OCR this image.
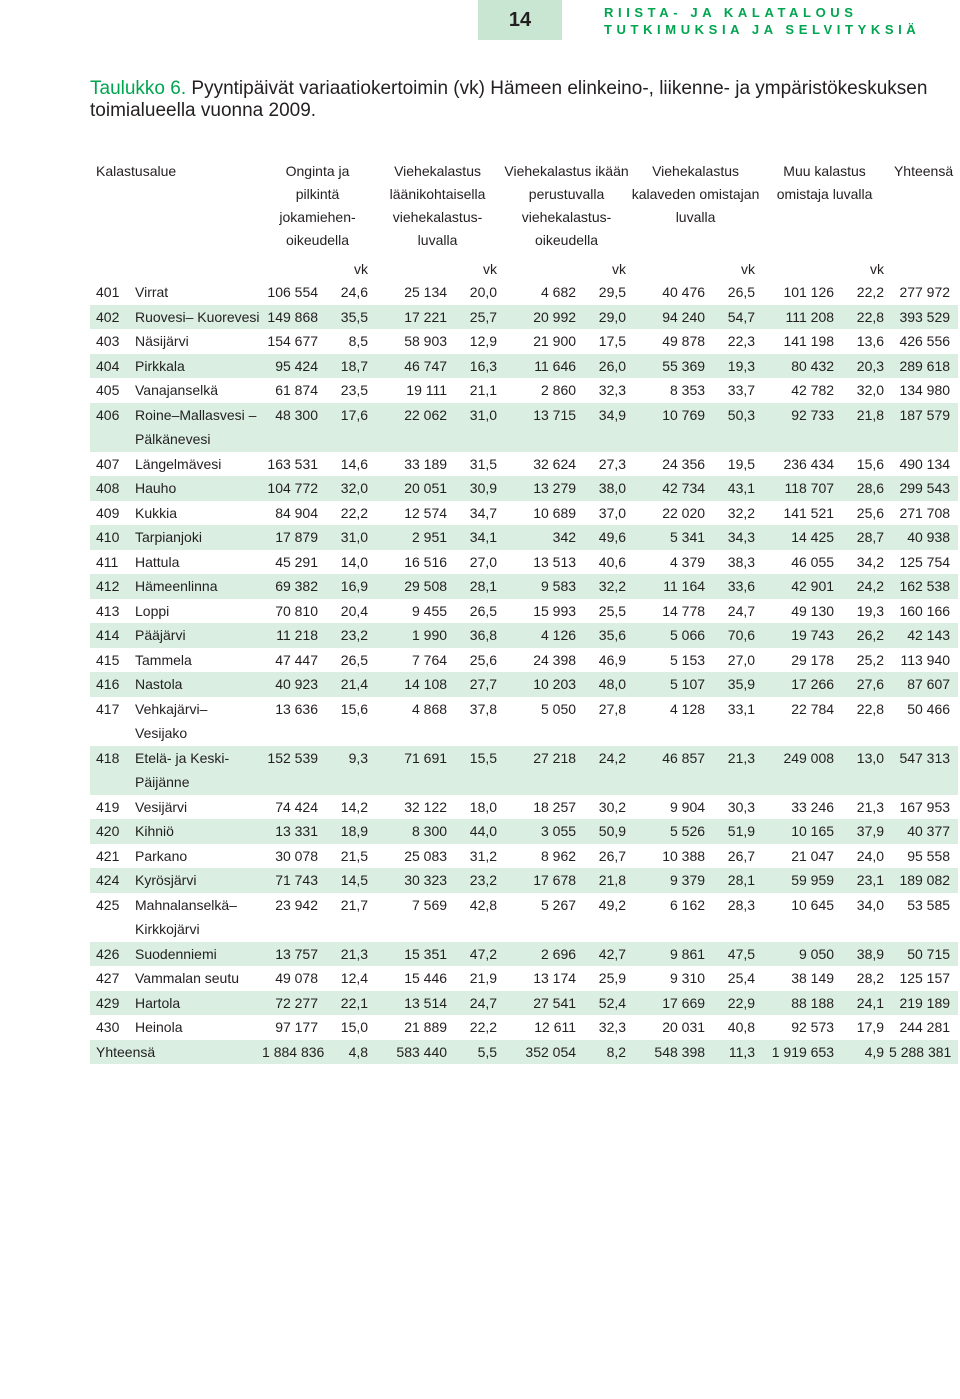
14	RIISTA- JA KALATALOUS
TUTKIMUKSIA JA SELVITYKSIÄ
Taulukko 6. Pyyntipäivät variaatiokertoimin (vk) Hämeen elinkeino-, liikenne- ja ympäristökeskuksen toimialueella vuonna 2009.
Kalastusalue		Onginta ja pilkintä jokamiehen- oikeudella		Viehekalastus läänikohtaisella viehekalastus- luvalla		Viehekalastus ikään perustuvalla viehekalastus- oikeudella		Viehekalastus kalaveden omistajan luvalla		Muu kalastus omistaja luvalla		Yhteensä
			vk		vk		vk		vk		vk	
401	Virrat	106 554	24,6	25 134	20,0	4 682	29,5	40 476	26,5	101 126	22,2	277 972
402	Ruovesi– Kuorevesi	149 868	35,5	17 221	25,7	20 992	29,0	94 240	54,7	111 208	22,8	393 529
403	Näsijärvi	154 677	8,5	58 903	12,9	21 900	17,5	49 878	22,3	141 198	13,6	426 556
404	Pirkkala	95 424	18,7	46 747	16,3	11 646	26,0	55 369	19,3	80 432	20,3	289 618
405	Vanajanselkä	61 874	23,5	19 111	21,1	2 860	32,3	8 353	33,7	42 782	32,0	134 980
406	Roine–Mallasvesi –Pälkänevesi	48 300	17,6	22 062	31,0	13 715	34,9	10 769	50,3	92 733	21,8	187 579
407	Längelmävesi	163 531	14,6	33 189	31,5	32 624	27,3	24 356	19,5	236 434	15,6	490 134
408	Hauho	104 772	32,0	20 051	30,9	13 279	38,0	42 734	43,1	118 707	28,6	299 543
409	Kukkia	84 904	22,2	12 574	34,7	10 689	37,0	22 020	32,2	141 521	25,6	271 708
410	Tarpianjoki	17 879	31,0	2 951	34,1	342	49,6	5 341	34,3	14 425	28,7	40 938
411	Hattula	45 291	14,0	16 516	27,0	13 513	40,6	4 379	38,3	46 055	34,2	125 754
412	Hämeenlinna	69 382	16,9	29 508	28,1	9 583	32,2	11 164	33,6	42 901	24,2	162 538
413	Loppi	70 810	20,4	9 455	26,5	15 993	25,5	14 778	24,7	49 130	19,3	160 166
414	Pääjärvi	11 218	23,2	1 990	36,8	4 126	35,6	5 066	70,6	19 743	26,2	42 143
415	Tammela	47 447	26,5	7 764	25,6	24 398	46,9	5 153	27,0	29 178	25,2	113 940
416	Nastola	40 923	21,4	14 108	27,7	10 203	48,0	5 107	35,9	17 266	27,6	87 607
417	Vehkajärvi– Vesijako	13 636	15,6	4 868	37,8	5 050	27,8	4 128	33,1	22 784	22,8	50 466
418	Etelä- ja Keski- Päijänne	152 539	9,3	71 691	15,5	27 218	24,2	46 857	21,3	249 008	13,0	547 313
419	Vesijärvi	74 424	14,2	32 122	18,0	18 257	30,2	9 904	30,3	33 246	21,3	167 953
420	Kihniö	13 331	18,9	8 300	44,0	3 055	50,9	5 526	51,9	10 165	37,9	40 377
421	Parkano	30 078	21,5	25 083	31,2	8 962	26,7	10 388	26,7	21 047	24,0	95 558
424	Kyrösjärvi	71 743	14,5	30 323	23,2	17 678	21,8	9 379	28,1	59 959	23,1	189 082
425	Mahnalanselkä– Kirkkojärvi	23 942	21,7	7 569	42,8	5 267	49,2	6 162	28,3	10 645	34,0	53 585
426	Suodenniemi	13 757	21,3	15 351	47,2	2 696	42,7	9 861	47,5	9 050	38,9	50 715
427	Vammalan seutu	49 078	12,4	15 446	21,9	13 174	25,9	9 310	25,4	38 149	28,2	125 157
429	Hartola	72 277	22,1	13 514	24,7	27 541	52,4	17 669	22,9	88 188	24,1	219 189
430	Heinola	97 177	15,0	21 889	22,2	12 611	32,3	20 031	40,8	92 573	17,9	244 281
Yhteensä		1 884 836	4,8	583 440	5,5	352 054	8,2	548 398	11,3	1 919 653	4,9	5 288 381
